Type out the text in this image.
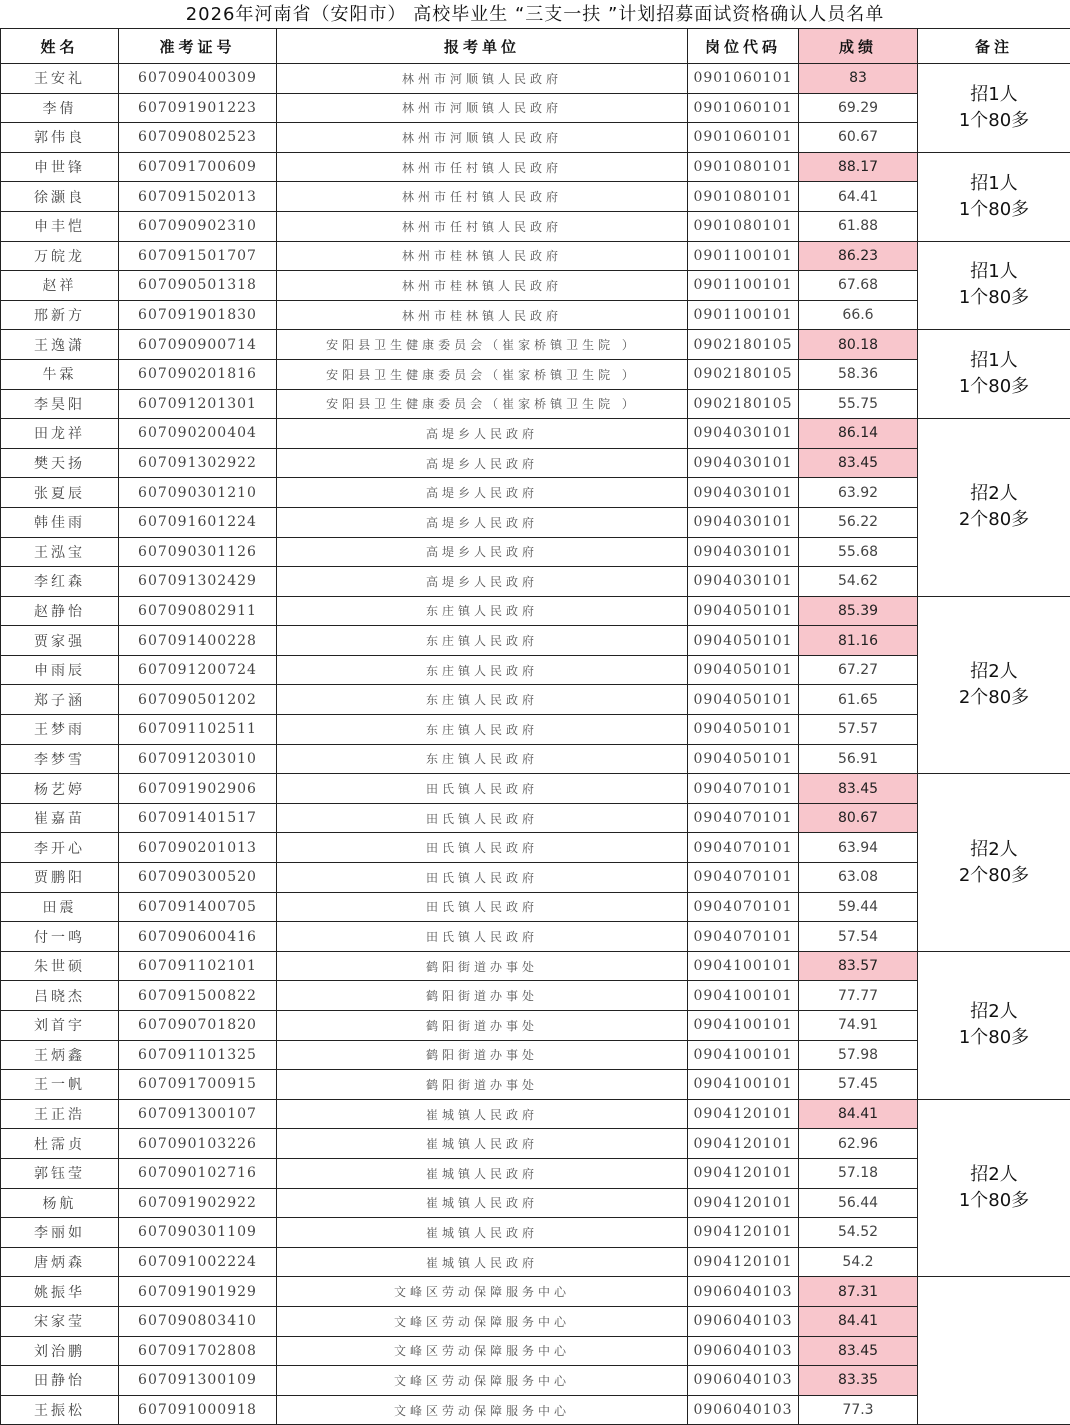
2026年河南省（安阳市） 高校毕业生 “三支一扶 ”计划招募面试资格确认人员名单
姓名	准考证号	报考单位	岗位代码	成绩	备注
王安礼	607090400309	林州市河顺镇人民政府	0901060101	83	招1人
1个80多

李倩	607091901223	林州市河顺镇人民政府	0901060101	69.29	
郭伟良	607090802523	林州市河顺镇人民政府	0901060101	60.67	
申世锋	607091700609	林州市任村镇人民政府	0901080101	88.17	招1人
1个80多

徐灏良	607091502013	林州市任村镇人民政府	0901080101	64.41	
申丰恺	607090902310	林州市任村镇人民政府	0901080101	61.88	
万皖龙	607091501707	林州市桂林镇人民政府	0901100101	86.23	招1人
1个80多

赵祥	607090501318	林州市桂林镇人民政府	0901100101	67.68	
邢新方	607091901830	林州市桂林镇人民政府	0901100101	66.6	
王逸潇	607090900714	安阳县卫生健康委员会（崔家桥镇卫生院 ）	0902180105	80.18	招1人
1个80多

牛霖	607090201816	安阳县卫生健康委员会（崔家桥镇卫生院 ）	0902180105	58.36	
李昊阳	607091201301	安阳县卫生健康委员会（崔家桥镇卫生院 ）	0902180105	55.75	
田龙祥	607090200404	高堤乡人民政府	0904030101	86.14	招2人
2个80多

樊天扬	607091302922	高堤乡人民政府	0904030101	83.45	
张夏辰	607090301210	高堤乡人民政府	0904030101	63.92	
韩佳雨	607091601224	高堤乡人民政府	0904030101	56.22	
王泓宝	607090301126	高堤乡人民政府	0904030101	55.68	
李红森	607091302429	高堤乡人民政府	0904030101	54.62	
赵静怡	607090802911	东庄镇人民政府	0904050101	85.39	招2人
2个80多

贾家强	607091400228	东庄镇人民政府	0904050101	81.16	
申雨辰	607091200724	东庄镇人民政府	0904050101	67.27	
郑子涵	607090501202	东庄镇人民政府	0904050101	61.65	
王梦雨	607091102511	东庄镇人民政府	0904050101	57.57	
李梦雪	607091203010	东庄镇人民政府	0904050101	56.91	
杨艺婷	607091902906	田氏镇人民政府	0904070101	83.45	招2人
2个80多

崔嘉苗	607091401517	田氏镇人民政府	0904070101	80.67	
李开心	607090201013	田氏镇人民政府	0904070101	63.94	
贾鹏阳	607090300520	田氏镇人民政府	0904070101	63.08	
田震	607091400705	田氏镇人民政府	0904070101	59.44	
付一鸣	607090600416	田氏镇人民政府	0904070101	57.54	
朱世硕	607091102101	鹤阳街道办事处	0904100101	83.57	招2人
1个80多

吕晓杰	607091500822	鹤阳街道办事处	0904100101	77.77	
刘首宇	607090701820	鹤阳街道办事处	0904100101	74.91	
王炳鑫	607091101325	鹤阳街道办事处	0904100101	57.98	
王一帆	607091700915	鹤阳街道办事处	0904100101	57.45	
王正浩	607091300107	崔城镇人民政府	0904120101	84.41	招2人
1个80多

杜霈贞	607090103226	崔城镇人民政府	0904120101	62.96	
郭钰莹	607090102716	崔城镇人民政府	0904120101	57.18	
杨航	607091902922	崔城镇人民政府	0904120101	56.44	
李丽如	607090301109	崔城镇人民政府	0904120101	54.52	
唐炳森	607091002224	崔城镇人民政府	0904120101	54.2	
姚振华	607091901929	文峰区劳动保障服务中心	0906040103	87.31	
宋家莹	607090803410	文峰区劳动保障服务中心	0906040103	84.41	
刘治鹏	607091702808	文峰区劳动保障服务中心	0906040103	83.45	
田静怡	607091300109	文峰区劳动保障服务中心	0906040103	83.35	
王振松	607091000918	文峰区劳动保障服务中心	0906040103	77.3	
